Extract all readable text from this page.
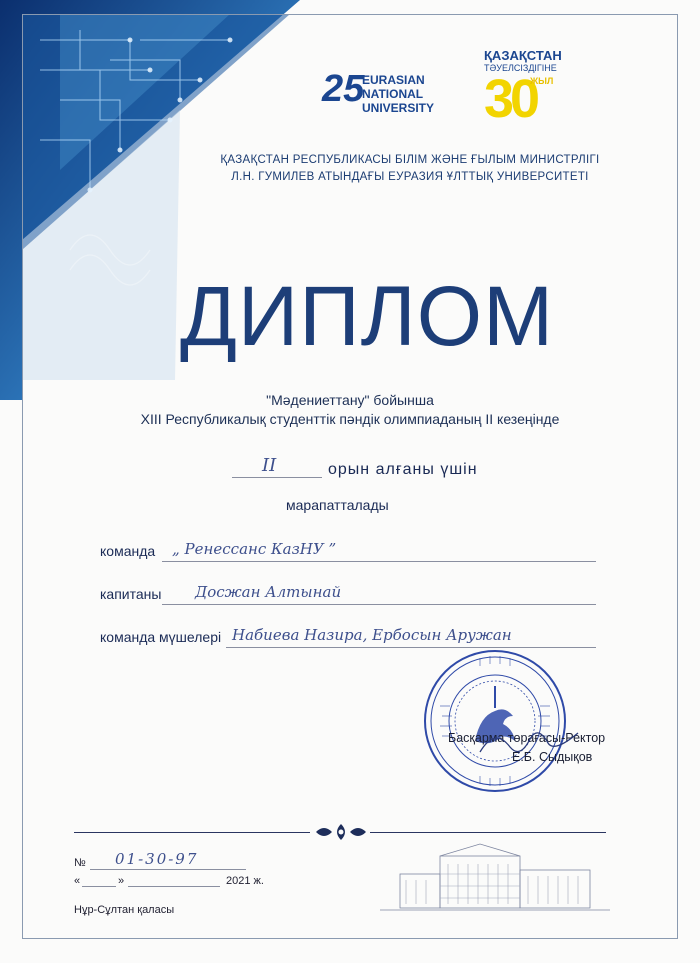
25
EURASIAN
NATIONAL
UNIVERSITY
ҚАЗАҚСТАН
ТӘУЕЛСІЗДІГІНЕ
30
ЖЫЛ
ҚАЗАҚСТАН РЕСПУБЛИКАСЫ БІЛІМ ЖӘНЕ ҒЫЛЫМ МИНИСТРЛІГІ
Л.Н. ГУМИЛЕВ АТЫНДАҒЫ ЕУРАЗИЯ ҰЛТТЫҚ УНИВЕРСИТЕТІ
ДИПЛОМ
"Мәдениеттану" бойынша
XIII Республикалық студенттік пәндік олимпиаданың II кезеңінде
II	орын алғаны үшін
марапатталады
команда „ Ренессанс КазНУ ”
капитаны Досжан Алтынай
команда мүшелері Набиева Назира, Ербосын Аружан
Басқарма төрағасы-Ректор
Е.Б. Сыдықов
№ 01-30-97
«	»	2021 ж.
Нұр-Сұлтан қаласы
